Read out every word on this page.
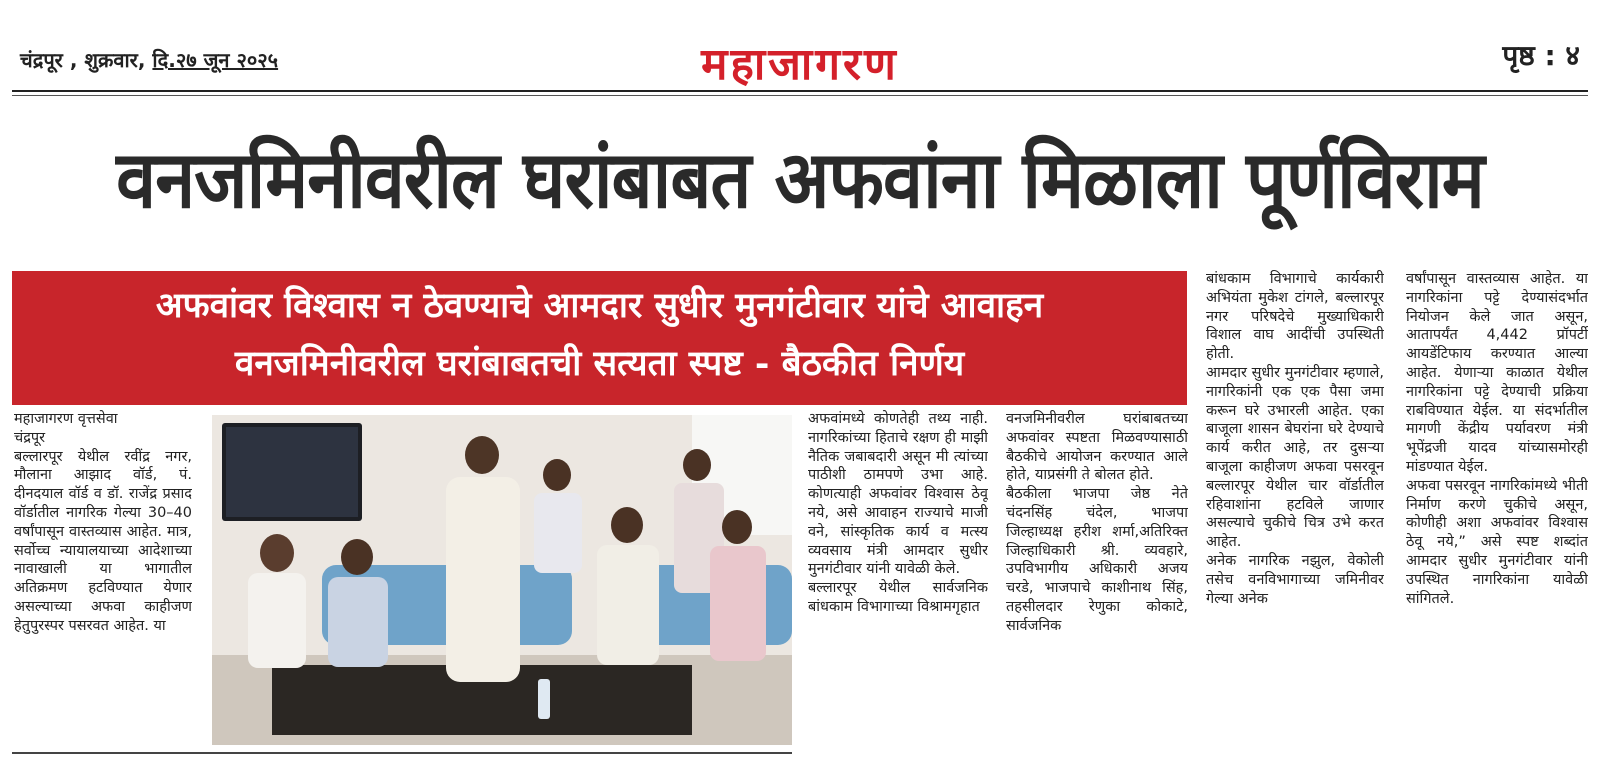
चंद्रपूर , शुक्रवार, दि.२७ जून २०२५	महाजागरण	पृष्ठ : ४
वनजमिनीवरील घरांबाबत अफवांना मिळाला पूर्णविराम
अफवांवर विश्वास न ठेवण्याचे आमदार सुधीर मुनगंटीवार यांचे आवाहन
वनजमिनीवरील घरांबाबतची सत्यता स्पष्ट - बैठकीत निर्णय
महाजागरण वृत्तसेवा
चंद्रपूर

बल्लारपूर येथील रवींद्र नगर, मौलाना आझाद वॉर्ड, पं. दीनदयाल वॉर्ड व डॉ. राजेंद्र प्रसाद वॉर्डातील नागरिक गेल्या 30–40 वर्षांपासून वास्तव्यास आहेत. मात्र, सर्वोच्च न्यायालयाच्या आदेशाच्या नावाखाली या भागातील अतिक्रमण हटविण्यात येणार असल्याच्या अफवा काहीजण हेतुपुरस्पर पसरवत आहेत. या

अफवांमध्ये कोणतेही तथ्य नाही. नागरिकांच्या हिताचे रक्षण ही माझी नैतिक जबाबदारी असून मी त्यांच्या पाठीशी ठामपणे उभा आहे. कोणत्याही अफवांवर विश्वास ठेवू नये, असे आवाहन राज्याचे माजी वने, सांस्कृतिक कार्य व मत्स्य व्यवसाय मंत्री आमदार सुधीर मुनगंटीवार यांनी यावेळी केले.

बल्लारपूर येथील सार्वजनिक बांधकाम विभागाच्या विश्रामगृहात

वनजमिनीवरील घरांबाबतच्या अफवांवर स्पष्टता मिळवण्यासाठी बैठकीचे आयोजन करण्यात आले होते, याप्रसंगी ते बोलत होते.

बैठकीला भाजपा जेष्ठ नेते चंदनसिंह चंदेल, भाजपा जिल्हाध्यक्ष हरीश शर्मा,अतिरिक्त जिल्हाधिकारी श्री. व्यवहारे, उपविभागीय अधिकारी अजय चरडे, भाजपाचे काशीनाथ सिंह, तहसीलदार रेणुका कोकाटे, सार्वजनिक

बांधकाम विभागाचे कार्यकारी अभियंता मुकेश टांगले, बल्लारपूर नगर परिषदेचे मुख्याधिकारी विशाल वाघ आदींची उपस्थिती होती.

आमदार सुधीर मुनगंटीवार म्हणाले, नागरिकांनी एक एक पैसा जमा करून घरे उभारली आहेत. एका बाजूला शासन बेघरांना घरे देण्याचे कार्य करीत आहे, तर दुसऱ्या बाजूला काहीजण अफवा पसरवून बल्लारपूर येथील चार वॉर्डातील रहिवाशांना हटविले जाणार असल्याचे चुकीचे चित्र उभे करत आहेत.

अनेक नागरिक नझुल, वेकोली तसेच वनविभागाच्या जमिनीवर गेल्या अनेक

वर्षांपासून वास्तव्यास आहेत. या नागरिकांना पट्टे देण्यासंदर्भात नियोजन केले जात असून, आतापर्यंत 4,442 प्रॉपर्टी आयडेंटिफाय करण्यात आल्या आहेत. येणाऱ्या काळात येथील नागरिकांना पट्टे देण्याची प्रक्रिया राबविण्यात येईल. या संदर्भातील मागणी केंद्रीय पर्यावरण मंत्री भूपेंद्रजी यादव यांच्यासमोरही मांडण्यात येईल.

अफवा पसरवून नागरिकांमध्ये भीती निर्माण करणे चुकीचे असून, कोणीही अशा अफवांवर विश्वास ठेवू नये,” असे स्पष्ट शब्दांत आमदार सुधीर मुनगंटीवार यांनी उपस्थित नागरिकांना यावेळी सांगितले.
